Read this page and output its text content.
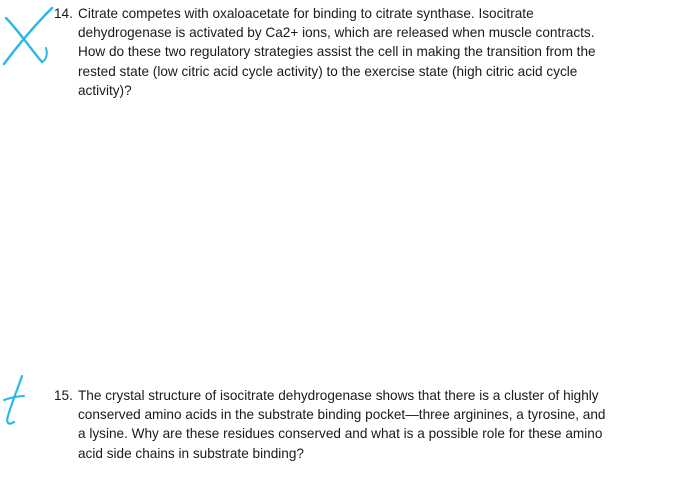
14. Citrate competes with oxaloacetate for binding to citrate synthase. Isocitrate
dehydrogenase is activated by Ca2+ ions, which are released when muscle contracts.
How do these two regulatory strategies assist the cell in making the transition from the
rested state (low citric acid cycle activity) to the exercise state (high citric acid cycle
activity)?
15. The crystal structure of isocitrate dehydrogenase shows that there is a cluster of highly
conserved amino acids in the substrate binding pocket—three arginines, a tyrosine, and
a lysine. Why are these residues conserved and what is a possible role for these amino
acid side chains in substrate binding?
